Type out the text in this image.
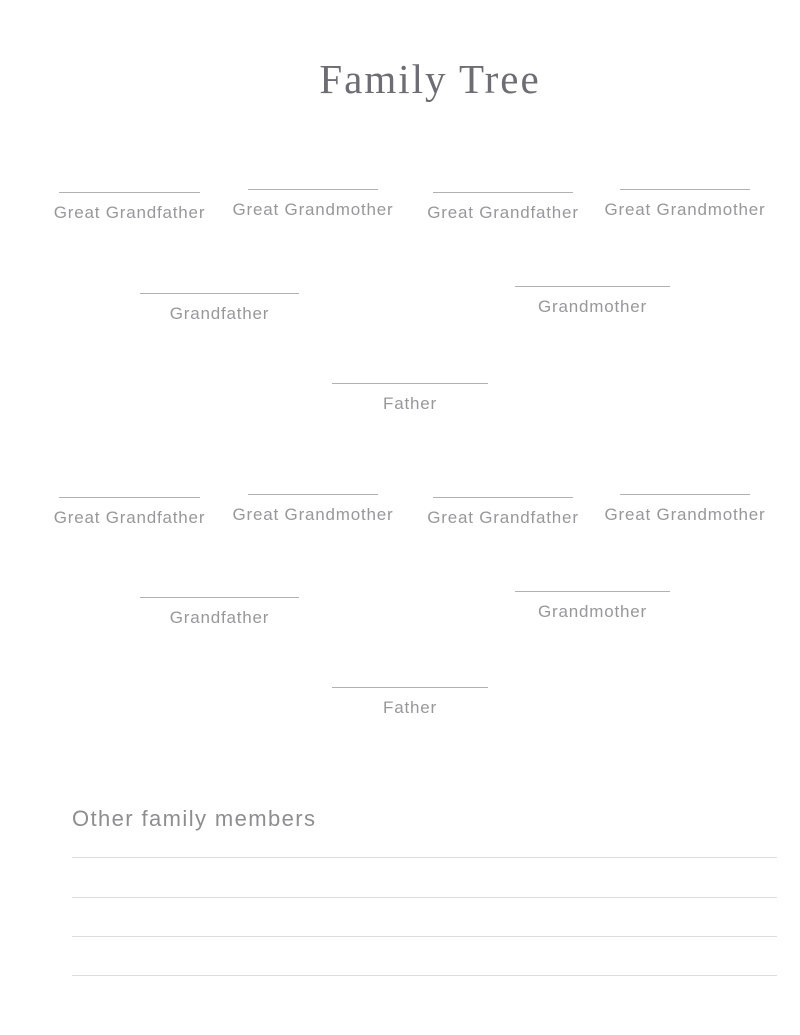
Family Tree
Great Grandfather Great Grandmother Great Grandfather Great Grandmother
Grandfather	Grandmother
Father
Great Grandfather Great Grandmother Great Grandfather Great Grandmother
Grandfather	Grandmother
Father
Other family members
